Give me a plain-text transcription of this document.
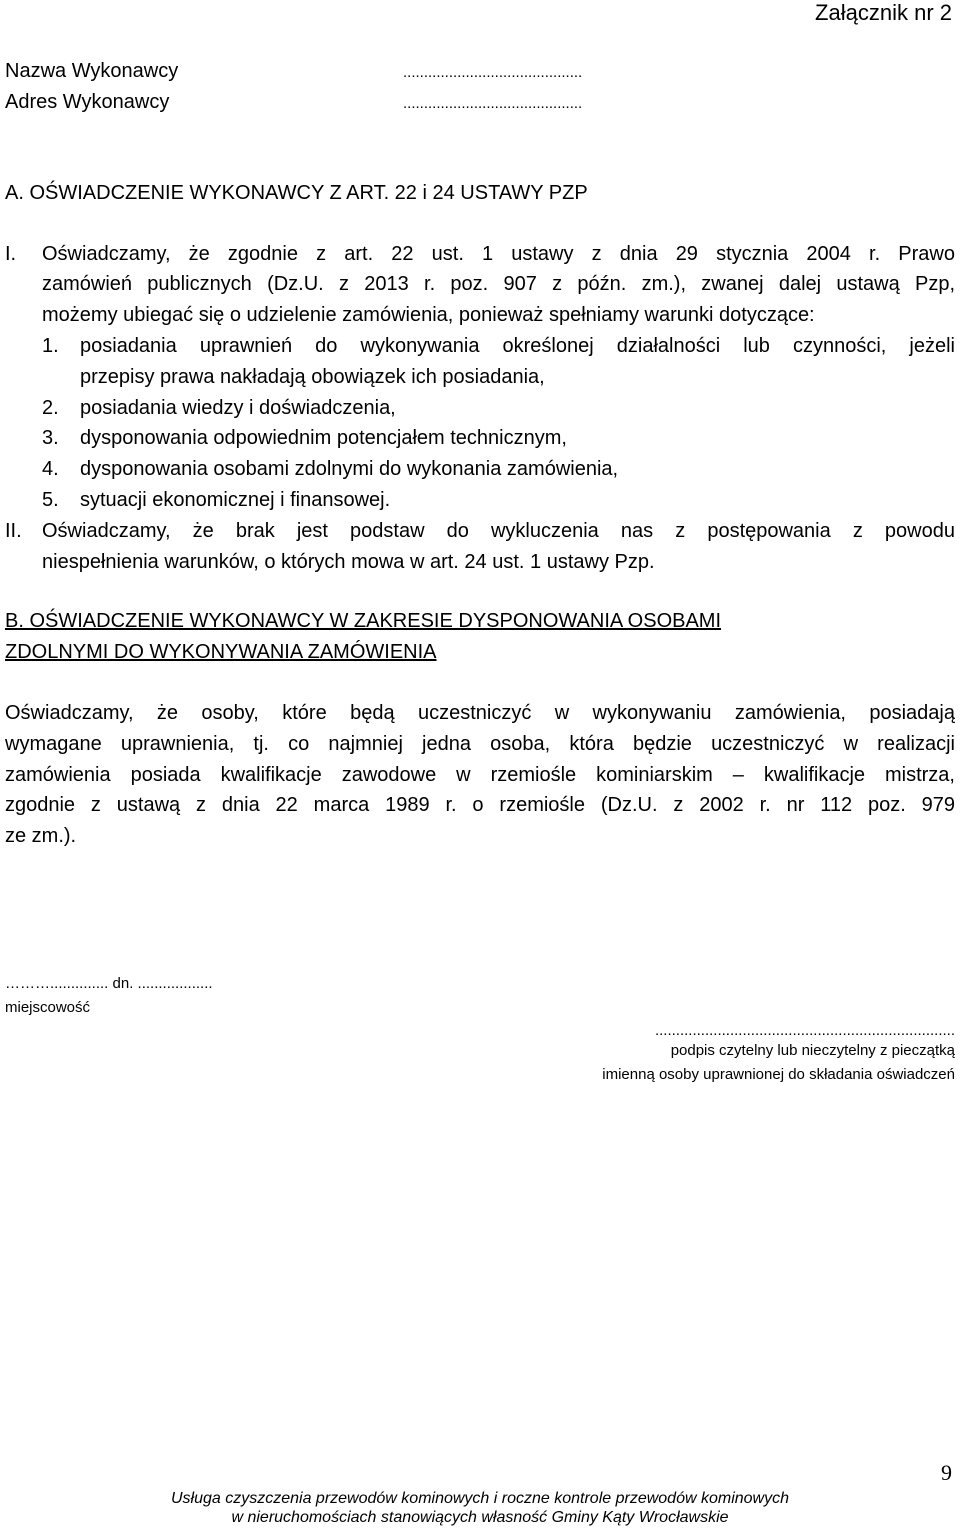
Załącznik nr 2
Nazwa Wykonawcy	...........................................
Adres Wykonawcy	...........................................
A. OŚWIADCZENIE WYKONAWCY Z ART. 22 i 24 USTAWY PZP
I. Oświadczamy, że zgodnie z art. 22 ust. 1 ustawy z dnia 29 stycznia 2004 r. Prawo
zamówień publicznych (Dz.U. z 2013 r. poz. 907 z późn. zm.), zwanej dalej ustawą Pzp,
możemy ubiegać się o udzielenie zamówienia, ponieważ spełniamy warunki dotyczące:
1. posiadania uprawnień do wykonywania określonej działalności lub czynności, jeżeli
przepisy prawa nakładają obowiązek ich posiadania,
2. posiadania wiedzy i doświadczenia,
3. dysponowania odpowiednim potencjałem technicznym,
4. dysponowania osobami zdolnymi do wykonania zamówienia,
5. sytuacji ekonomicznej i finansowej.
II. Oświadczamy, że brak jest podstaw do wykluczenia nas z postępowania z powodu
niespełnienia warunków, o których mowa w art. 24 ust. 1 ustawy Pzp.
B. OŚWIADCZENIE WYKONAWCY W ZAKRESIE DYSPONOWANIA OSOBAMI
ZDOLNYMI DO WYKONYWANIA ZAMÓWIENIA
Oświadczamy, że osoby, które będą uczestniczyć w wykonywaniu zamówienia, posiadają
wymagane uprawnienia, tj. co najmniej jedna osoba, która będzie uczestniczyć w realizacji
zamówienia posiada kwalifikacje zawodowe w rzemiośle kominiarskim – kwalifikacje mistrza,
zgodnie z ustawą z dnia 22 marca 1989 r. o rzemiośle (Dz.U. z 2002 r. nr 112 poz. 979
ze zm.).
……….............. dn. ..................
miejscowość
........................................................................
podpis czytelny lub nieczytelny z pieczątką
imienną osoby uprawnionej do składania oświadczeń
9
Usługa czyszczenia przewodów kominowych i roczne kontrole przewodów kominowych
w nieruchomościach stanowiących własność Gminy Kąty Wrocławskie
